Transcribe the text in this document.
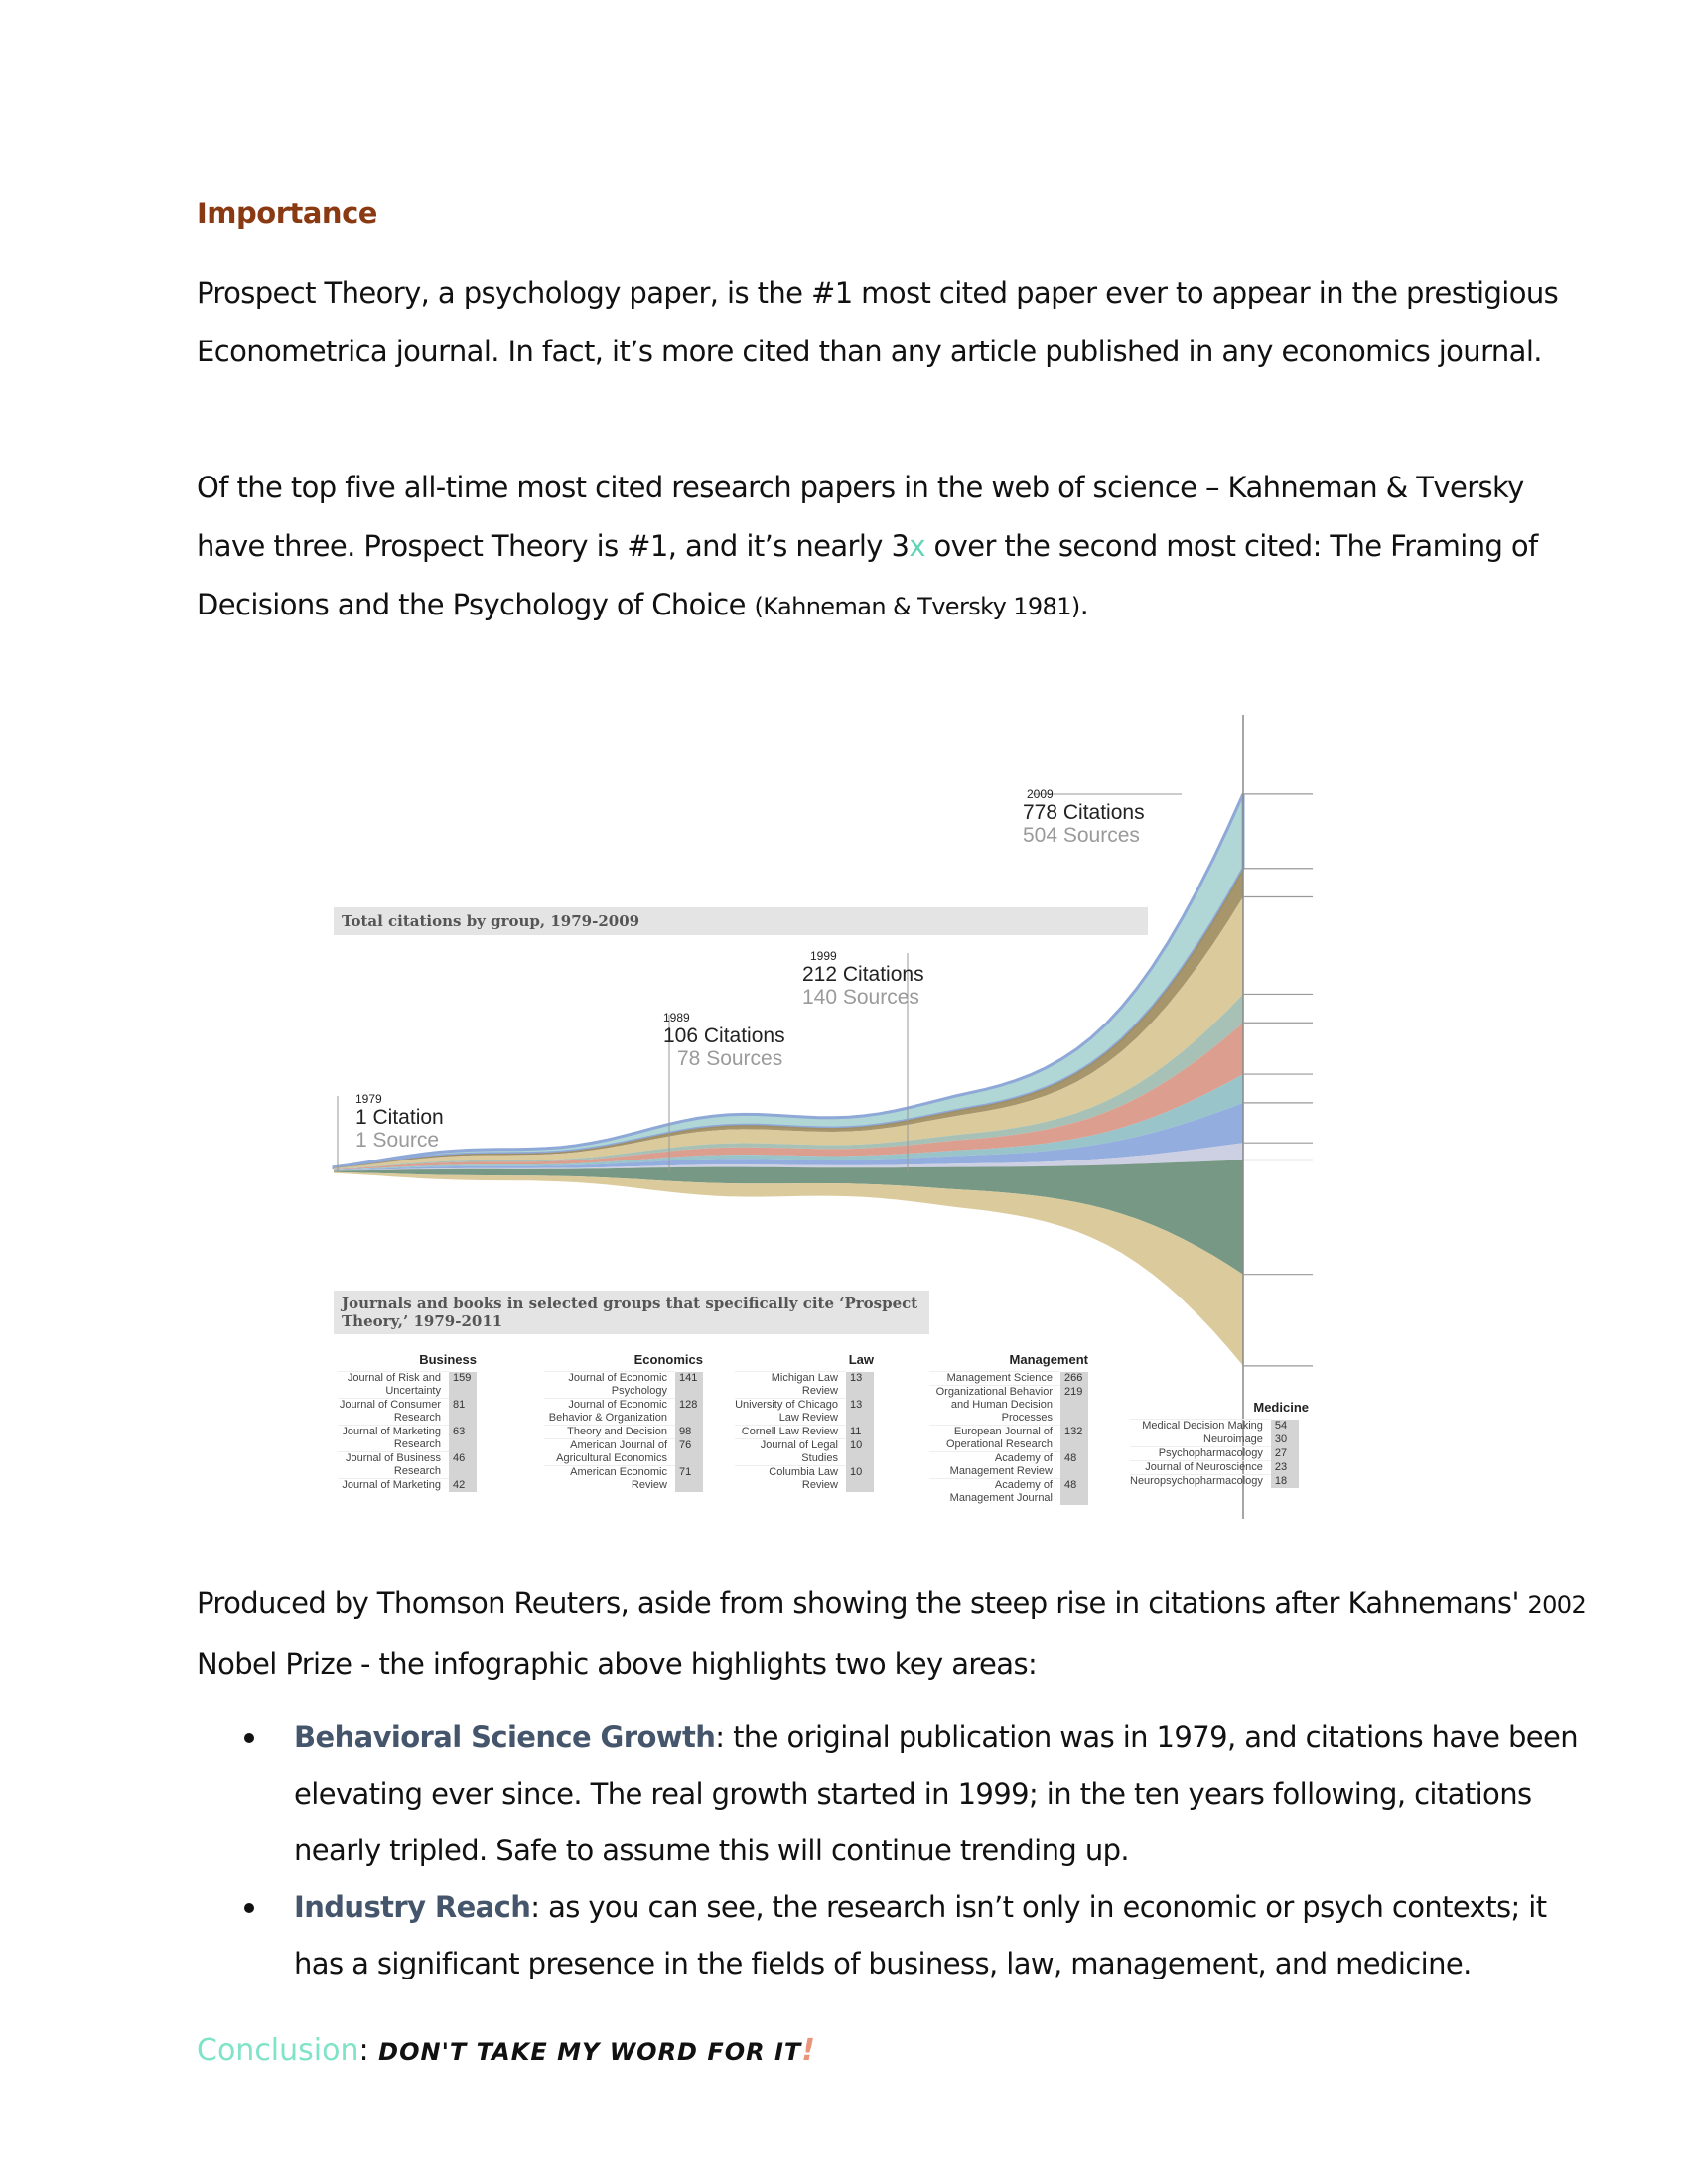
Importance
Prospect Theory, a psychology paper, is the #1 most cited paper ever to appear in the prestigious Econometrica journal. In fact, it’s more cited than any article published in any economics journal.
Of the top five all-time most cited research papers in the web of science – Kahneman & Tversky have three. Prospect Theory is #1, and it’s nearly 3x over the second most cited: The Framing of Decisions and the Psychology of Choice (Kahneman & Tversky 1981).
Total citations by group, 1979-2009
Journals and books in selected groups that specifically cite ‘Prospect Theory,’ 1979-2011
1979
1 Citation
1 Source
1989
106 Citations
78 Sources
1999
212 Citations
140 Sources
2009
778 Citations
504 Sources
Business
Journal of Risk and Uncertainty	159
Journal of Consumer Research	81
Journal of Marketing Research	63
Journal of Business Research	46
Journal of Marketing	42
Economics
Journal of Economic Psychology	141
Journal of Economic Behavior & Organization	128
Theory and Decision	98
American Journal of Agricultural Economics	76
American Economic Review	71
Law
Michigan Law Review	13
University of Chicago Law Review	13
Cornell Law Review	11
Journal of Legal Studies	10
Columbia Law Review	10
Management
Management Science	266
Organizational Behavior and Human Decision Processes	219
European Journal of Operational Research	132
Academy of Management Review	48
Academy of Management Journal	48
Medicine
Medical Decision Making	54
Neuroimage	30
Psychopharmacology	27
Journal of Neuroscience	23
Neuropsychopharmacology	18
Produced by Thomson Reuters, aside from showing the steep rise in citations after Kahnemans' 2002 Nobel Prize - the infographic above highlights two key areas:
Behavioral Science Growth: the original publication was in 1979, and citations have been elevating ever since. The real growth started in 1999; in the ten years following, citations nearly tripled. Safe to assume this will continue trending up.
Industry Reach: as you can see, the research isn’t only in economic or psych contexts; it has a significant presence in the fields of business, law, management, and medicine.
Conclusion: DON'T TAKE MY WORD FOR IT!
